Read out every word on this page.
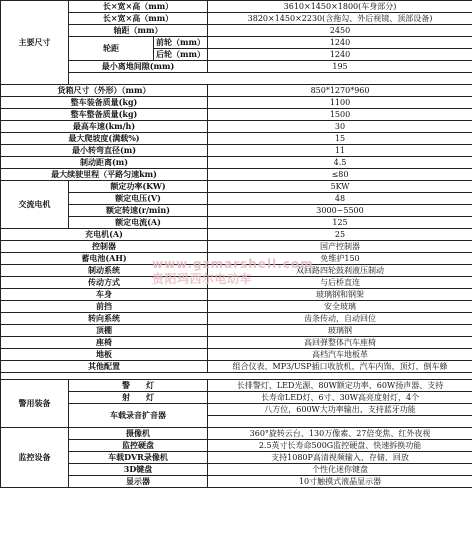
主要尺寸	长×宽×高（mm）		3610×1450×1800(车身部分)
	长×宽×高（mm）		3820×1450×2230(含拖勾、外后视镜、顶部设备)
	轴距（mm）		2450
	轮距	前轮（mm）	1240
		后轮（mm）	1240
	最小离地间隙(mm)		195

货箱尺寸（外形）（mm）			850*1270*960
整车装备质量(kg)			1100
整车整备质量(kg)			1500
最高车速(km/h)			30
最大爬坡度(满载%)			15
最小转弯直径(m)			11
制动距离(m)			4.5
最大续驶里程（平路匀速km)			≤80
交流电机	额定功率(KW)		5KW
	额定电压(V)		48
	额定转速(r/min)		3000~5500
	额定电流(A)		125
充电机(A)			25
控制器			国产控制器
蓄电池(AH)			免维护150
制动系统			双回路四轮鼓刹液压制动
传动方式			与后桥直连
车身			玻璃钢和钢架
前挡			安全玻璃
转向系统			齿条传动，自动回位
顶棚			玻璃钢
座椅			高回弹整体汽车座椅
地板			高档汽车地板革
其他配置			组合仪表、MP3/USP插口收放机、汽车内饰、顶灯、倒车蜂

警用装备	警　　灯		长排警灯，LED光源、80W额定功率、60W扬声器、支持
	射　　灯		长寿命LED灯、6寸、30W高亮度射灯，4个
	车载录音扩音器		八方位，600W大功率输出、支持蓝牙功能

监控设备	摄像机		360°旋转云台、130万像素、27倍变焦、红外夜视
	监控硬盘		2.5英寸长寿命500G监控硬盘、快速拆换功能
	车载DVR录像机		支持1080P高清视频输入、存储、回放
	3D键盘		个性化迷你键盘
	显示器		10寸触摸式液晶显示器
www.gzmarshell.com
贵阳玛西尔电动车
